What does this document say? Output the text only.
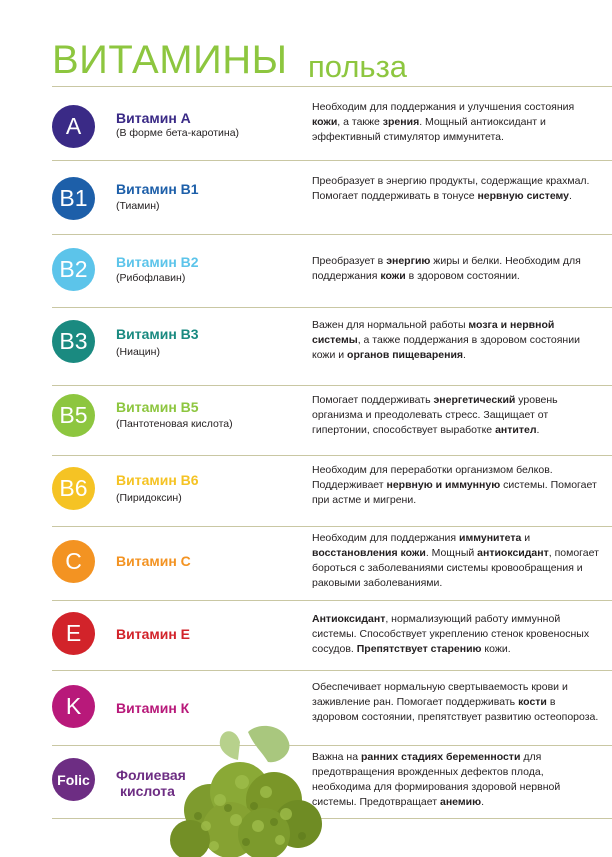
ВИТАМИНЫ польза
A	Витамин А
(В форме бета-каротина)
Необходим для поддержания и улучшения состояния кожи, а также зрения. Мощный антиоксидант и эффективный стимулятор иммунитета.
B1	Витамин В1
(Тиамин)
Преобразует в энергию продукты, содержащие крахмал. Помогает поддерживать в тонусе нервную систему.
B2	Витамин В2
(Рибофлавин)
Преобразует в энергию жиры и белки. Необходим для поддержания кожи в здоровом состоянии.
B3	Витамин В3
(Ниацин)
Важен для нормальной работы мозга и нервной системы, а также поддержания в здоровом состоянии кожи и органов пищеварения.
B5	Витамин В5
(Пантотеновая кислота)
Помогает поддерживать энергетический уровень организма и преодолевать стресс. Защищает от гипертонии, способствует выработке антител.
B6	Витамин В6
(Пиридоксин)
Необходим для переработки организмом белков. Поддерживает нервную и иммунную системы. Помогает при астме и мигрени.
C	Витамин С
Необходим для поддержания иммунитета и восстановления кожи. Мощный антиоксидант, помогает бороться с заболеваниями системы кровообращения и раковыми заболеваниями.
E	Витамин Е
Антиоксидант, нормализующий работу иммунной системы. Способствует укреплению стенок кровеносных сосудов. Препятствует старению кожи.
K	Витамин К
Обеспечивает нормальную свертываемость крови и заживление ран. Помогает поддерживать кости в здоровом состоянии, препятствует развитию остеопороза.
Folic	Фолиевая
кислота
Важна на ранних стадиях беременности для предотвращения врожденных дефектов плода, необходима для формирования здоровой нервной системы. Предотвращает анемию.
